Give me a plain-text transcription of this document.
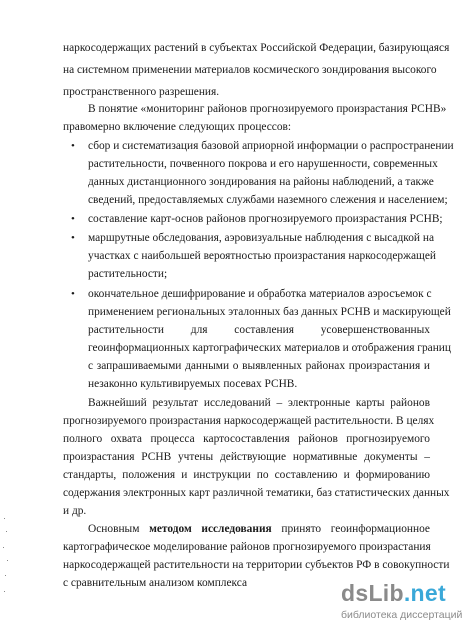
наркосодержащих растений в субъектах Российской Федерации, базирующаяся
на системном применении материалов космического зондирования высокого
пространственного разрешения.
В понятие «мониторинг районов прогнозируемого произрастания РСНВ»
правомерно включение следующих процессов:
•	сбор и систематизация базовой априорной информации о распространении
растительности, почвенного покрова и его нарушенности, современных
данных дистанционного зондирования на районы наблюдений, а также
сведений, предоставляемых службами наземного слежения и населением;
•	составление карт-основ районов прогнозируемого произрастания РСНВ;
•	маршрутные обследования, аэровизуальные наблюдения с высадкой на
участках с наибольшей вероятностью произрастания наркосодержащей
растительности;
•	окончательное дешифрирование и обработка материалов аэросъемок с
применением региональных эталонных баз данных РСНВ и маскирующей
растительности для составления усовершенствованных
геоинформационных картографических материалов и отображения границ
с запрашиваемыми данными о выявленных районах произрастания и
незаконно культивируемых посевах РСНВ.
Важнейший результат исследований – электронные карты районов
прогнозируемого произрастания наркосодержащей растительности. В целях
полного охвата процесса картосоставления районов прогнозируемого
произрастания РСНВ учтены действующие нормативные документы –
стандарты, положения и инструкции по составлению и формированию
содержания электронных карт различной тематики, баз статистических данных
и др.
Основным методом исследования принято геоинформационное
картографическое моделирование районов прогнозируемого произрастания
наркосодержащей растительности на территории субъектов РФ в совокупности
с сравнительным анализом комплекса	dsLib.net
библиотека диссертаций
